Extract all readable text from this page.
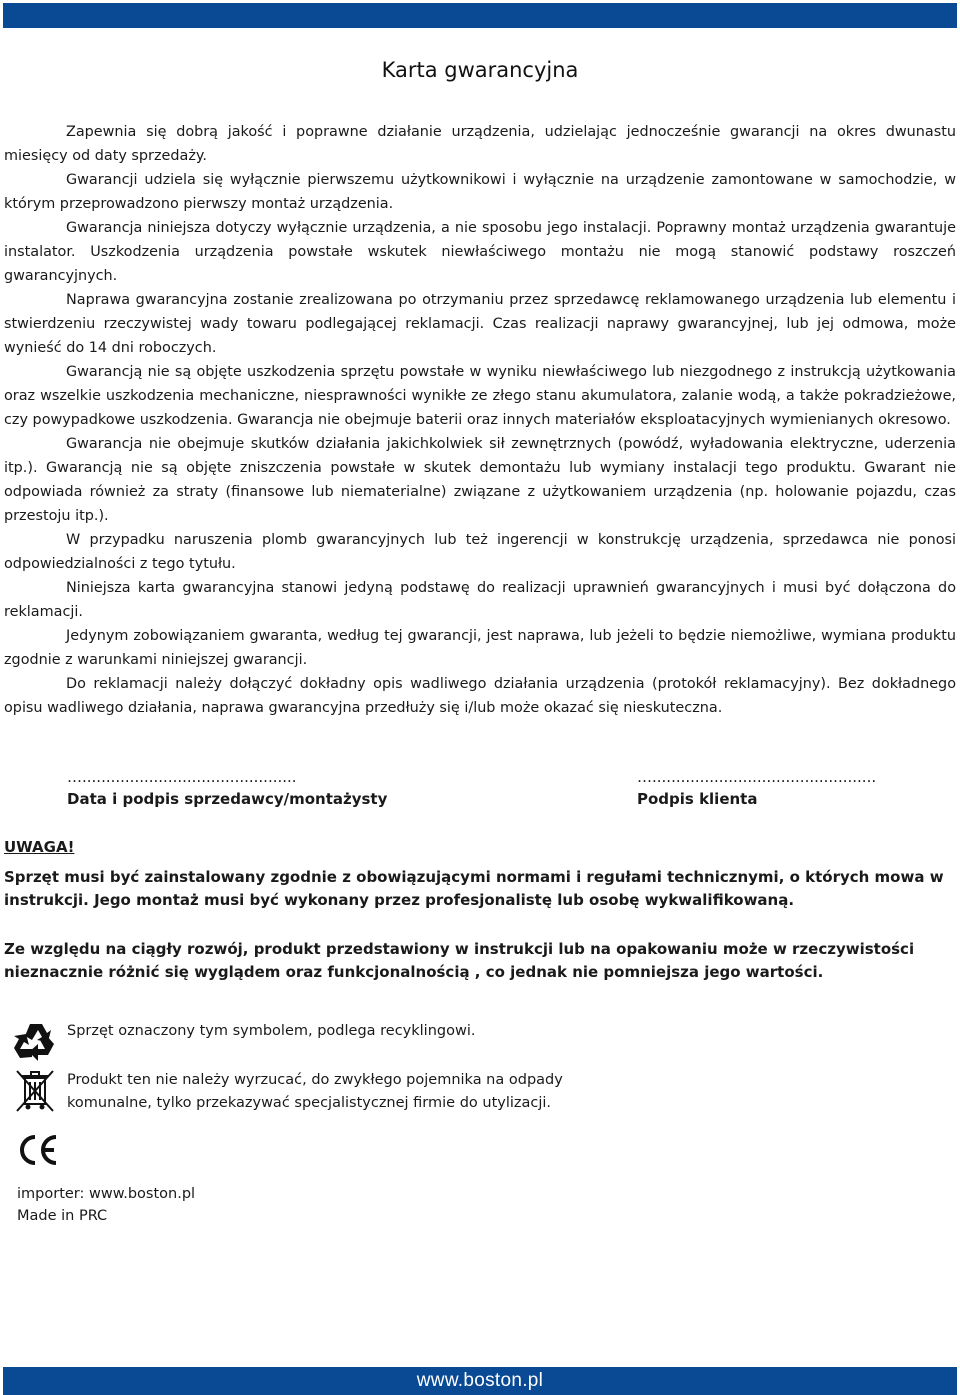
Karta gwarancyjna

Zapewnia się dobrą jakość i poprawne działanie urządzenia, udzielając jednocześnie gwarancji na okres dwunastu miesięcy od daty sprzedaży.

Gwarancji udziela się wyłącznie pierwszemu użytkownikowi i wyłącznie na urządzenie zamontowane w samochodzie, w którym przeprowadzono pierwszy montaż urządzenia.

Gwarancja niniejsza dotyczy wyłącznie urządzenia, a nie sposobu jego instalacji. Poprawny montaż urządzenia gwarantuje instalator. Uszkodzenia urządzenia powstałe wskutek niewłaściwego montażu nie mogą stanowić podstawy roszczeń gwarancyjnych.

Naprawa gwarancyjna zostanie zrealizowana po otrzymaniu przez sprzedawcę reklamowanego urządzenia lub elementu i stwierdzeniu rzeczywistej wady towaru podlegającej reklamacji. Czas realizacji naprawy gwarancyjnej, lub jej odmowa, może wynieść do 14 dni roboczych.

Gwarancją nie są objęte uszkodzenia sprzętu powstałe w wyniku niewłaściwego lub niezgodnego z instrukcją użytkowania oraz wszelkie uszkodzenia mechaniczne, niesprawności wynikłe ze złego stanu akumulatora, zalanie wodą, a także pokradzieżowe, czy powypadkowe uszkodzenia. Gwarancja nie obejmuje baterii oraz innych materiałów eksploatacyjnych wymienianych okresowo.

Gwarancja nie obejmuje skutków działania jakichkolwiek sił zewnętrznych (powódź, wyładowania elektryczne, uderzenia itp.). Gwarancją nie są objęte zniszczenia powstałe w skutek demontażu lub wymiany instalacji tego produktu. Gwarant nie odpowiada również za straty (finansowe lub niematerialne) związane z użytkowaniem urządzenia (np. holowanie pojazdu, czas przestoju itp.).

W przypadku naruszenia plomb gwarancyjnych lub też ingerencji w konstrukcję urządzenia, sprzedawca nie ponosi odpowiedzialności z tego tytułu.

Niniejsza karta gwarancyjna stanowi jedyną podstawę do realizacji uprawnień gwarancyjnych i musi być dołączona do reklamacji.

Jedynym zobowiązaniem gwaranta, według tej gwarancji, jest naprawa, lub jeżeli to będzie niemożliwe, wymiana produktu zgodnie z warunkami niniejszej gwarancji.

Do reklamacji należy dołączyć dokładny opis wadliwego działania urządzenia (protokół reklamacyjny). Bez dokładnego opisu wadliwego działania, naprawa gwarancyjna przedłuży się i/lub może okazać się nieskuteczna.

….............................................
Data i podpis sprzedawcy/montażysty
…...............................................
Podpis klienta
UWAGA!
Sprzęt musi być zainstalowany zgodnie z obowiązującymi normami i regułami technicznymi, o których mowa w instrukcji. Jego montaż musi być wykonany przez profesjonalistę lub osobę wykwalifikowaną.
Ze względu na ciągły rozwój, produkt przedstawiony w instrukcji lub na opakowaniu może w rzeczywistości nieznacznie różnić się wyglądem oraz funkcjonalnością , co jednak nie pomniejsza jego wartości.
Sprzęt oznaczony tym symbolem, podlega recyklingowi.
Produkt ten nie należy wyrzucać, do zwykłego pojemnika na odpady
komunalne, tylko przekazywać specjalistycznej firmie do utylizacji.
importer: www.boston.pl
Made in PRC
www.boston.pl
